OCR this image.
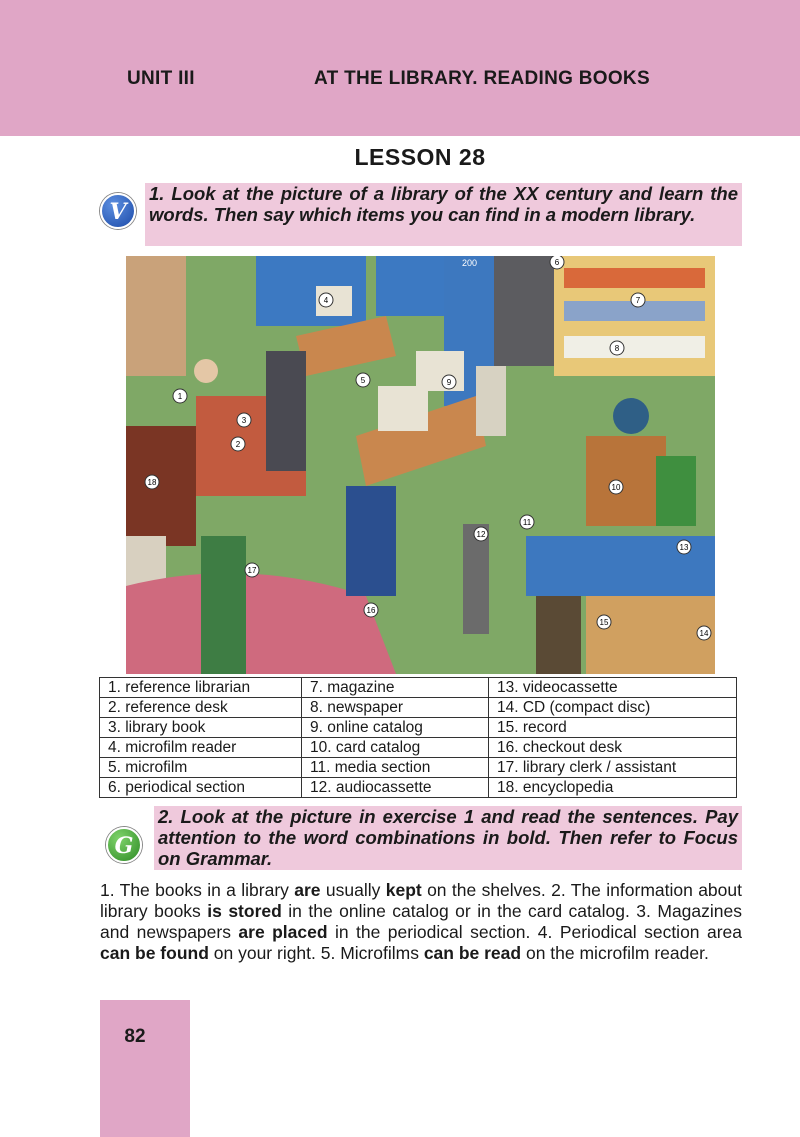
UNIT III	AT THE LIBRARY. READING BOOKS
LESSON 28
V
1. Look at the picture of a library of the XX century and learn the words. Then say which items you can find in a modern library.
200
1
2
3
4
5
6
7
8
9
10
11
12
13
14
15
16
17
18
1. reference librarian	7. magazine	13. videocassette
2. reference desk	8. newspaper	14. CD (compact disc)
3. library book	9. online catalog	15. record
4. microfilm reader	10. card catalog	16. checkout desk
5. microfilm	11. media section	17. library clerk / assistant
6. periodical section	12. audiocassette	18. encyclopedia
G
2. Look at the picture in exercise 1 and read the sentences. Pay attention to the word combinations in bold. Then refer to Focus on Grammar.
1. The books in a library are usually kept on the shelves. 2. The information about library books is stored in the online catalog or in the card catalog. 3. Magazines and newspapers are placed in the periodical section. 4. Periodical section area can be found on your right. 5. Microfilms can be read on the microfilm reader.
82
